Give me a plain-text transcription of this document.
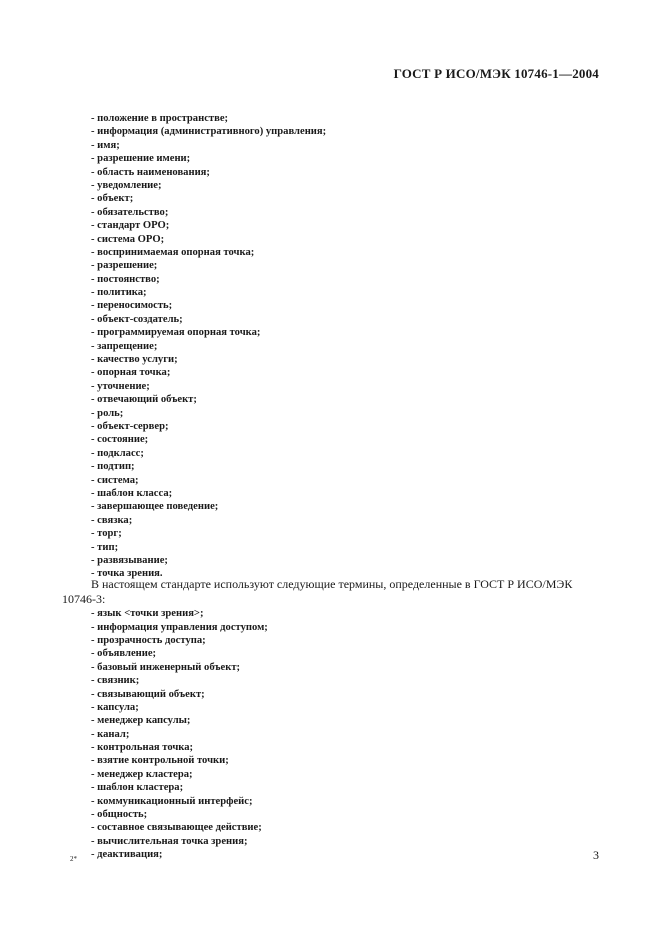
ГОСТ Р ИСО/МЭК 10746-1—2004
- положение в пространстве;
- информация (административного) управления;
- имя;
- разрешение имени;
- область наименования;
- уведомление;
- объект;
- обязательство;
- стандарт ОРО;
- система ОРО;
- воспринимаемая опорная точка;
- разрешение;
- постоянство;
- политика;
- переносимость;
- объект-создатель;
- программируемая опорная точка;
- запрещение;
- качество услуги;
- опорная точка;
- уточнение;
- отвечающий объект;
- роль;
- объект-сервер;
- состояние;
- подкласс;
- подтип;
- система;
- шаблон класса;
- завершающее поведение;
- связка;
- торг;
- тип;
- развязывание;
- точка зрения.

В настоящем стандарте используют следующие термины, определенные в ГОСТ Р ИСО/МЭК 10746-3:

- язык <точки зрения>;
- информация управления доступом;
- прозрачность доступа;
- объявление;
- базовый инженерный объект;
- связник;
- связывающий объект;
- капсула;
- менеджер капсулы;
- канал;
- контрольная точка;
- взятие контрольной точки;
- менеджер кластера;
- шаблон кластера;
- коммуникационный интерфейс;
- общность;
- составное связывающее действие;
- вычислительная точка зрения;
- деактивация;
2*	3
